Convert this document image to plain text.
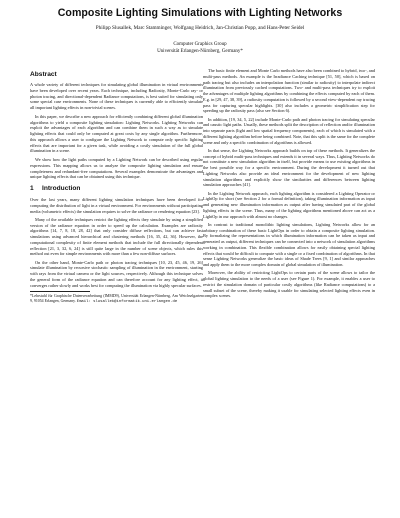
Composite Lighting Simulations with Lighting Networks
Philipp Slusallek, Marc Stamminger, Wolfgang Heidrich, Jan-Christian Popp, and Hans-Peter Seidel
Computer Graphics Group
Universität Erlangen-Nürnberg, Germany*
Abstract

A whole variety of different techniques for simulating global illumination in virtual environments have been developed over recent years. Each technique, including Radiosity, Monte-Carlo ray- or photon tracing, and directional-dependent Radiance computations, is best suited for simulating only some special case environments. None of these techniques is currently able to efficiently simulate all important lighting effects in non-trivial scenes.

In this paper, we describe a new approach for efficiently combining different global illumination algorithms to yield a composite lighting simulation: Lighting Networks. Lighting Networks can exploit the advantages of each algorithm and can combine them in such a way as to simulate lighting effects that could only be computed at great costs by any single algorithm. Furthermore, this approach allows a user to configure the Lighting Network to compute only specific lighting effects that are important for a given task, while avoiding a costly simulation of the full global illumination in a scene.

We show how the light paths computed by a Lighting Network can be described using regular expressions. This mapping allows us to analyze the composite lighting simulation and ensure completeness and redundant-free computations. Several examples demonstrate the advantages and unique lighting effects that can be obtained using this technique.

1 Introduction

Over the last years, many different lighting simulation techniques have been developed for computing the distribution of light in a virtual environment. For environments without participating media (volumetric effects) the simulation requires to solve the radiance or rendering equation [23].

Many of the available techniques restrict the lighting effects they simulate by using a simplified version of the radiance equation in order to speed up the calculation. Examples are radiosity algorithms [14, 7, 8, 18, 28, 42] that only consider diffuse reflections, but can achieve fast simulations using advanced hierarchical and clustering methods [16, 35, 42, 36]. However, the computational complexity of finite element methods that include the full directionally dependent reflection [21, 3, 32, 6, 24] is still quite large in the number of scene objects, which rules this method out even for simple environments with more than a few non-diffuse surfaces.

On the other hand, Monte-Carlo path or photon tracing techniques [10, 23, 45, 46, 19, 26] simulate illumination by recursive stochastic sampling of illumination in the environment, starting with rays from the virtual camera or the light sources, respectively. Although this technique solves the general form of the radiance equation and can therefore account for any lighting effect, it converges rather slowly and works best for computing the illumination via highly specular surfaces.

*Lehrstuhl für Graphische Datenverarbeitung (IMMD9), Universität Erlangen-Nürnberg, Am Weichselgarten 9, 91054 Erlangen, Germany. Email: slusallek@informatik.uni-erlangen.de

The basic finite element and Monte Carlo methods have also been combined to hybrid, two-, and multi-pass methods. An example is the Irradiance Caching technique [51, 50], which is based on path tracing but also includes an interpolation function (similar to radiosity) to interpolate indirect illumination from previously cached computations. Two- and multi-pass techniques try to exploit the advantages of multiple lighting algorithms by combining the effects computed by each of them. E.g. in [29, 47, 38, 39], a radiosity computation is followed by a second view-dependent ray tracing pass for capturing specular highlights. [30] also includes a geometric simplification step for speeding up the radiosity pass (also see Section 6).

In addition, [19, 34, 5, 22] include Monte-Carlo path and photon tracing for simulating specular and caustic light paths. Usually, these methods split the description of reflection and/or illumination into separate parts (light and low spatial frequency components), each of which is simulated with a different lighting algorithm before being combined. Note, that this split is the same for the complete scene and only a specific combination of algorithms is allowed.

In that sense, the Lighting Networks approach builds on top of these methods. It generalizes the concept of hybrid multi-pass techniques and extends it in several ways. Thus, Lighting Networks do not constitute a new simulation algorithm in itself, but provide means to use existing algorithms in the best possible way for a specific environment. During the development it turned out that Lighting Networks also provide an ideal environment for the development of new lighting simulation algorithms and explicitly show the similarities and differences between lighting simulation approaches [41].

In the Lighting Network approach, each lighting algorithm is considered a Lighting Operator or LightOp for short (see Section 2 for a formal definition), taking illumination information as input and generating new illumination information as output after having simulated part of the global lighting effects in the scene. Thus, many of the lighting algorithms mentioned above can act as a LightOp in our approach with almost no changes.

In contrast to traditional monolithic lighting simulations, Lighting Networks allow for an arbitrary combination of these basic LightOps in order to obtain a composite lighting simulation. By formalizing the representations in which illumination information can be taken as input and generated as output, different techniques can be connected into a network of simulation algorithms working in combination. This flexible combination allows for easily obtaining special lighting effects that would be difficult to compute with a single or a fixed combination of algorithms. In that sense Lighting Networks generalize the basic ideas of Shade Trees [9, 1] and similar approaches and apply them to the more complex domain of global simulation of illumination.

Moreover, the ability of restricting LightOps to certain parts of the scene allows to tailor the global lighting simulation to the needs of a user (see Figure 1). For example, it enables a user to restrict the simulation domain of particular costly algorithms (like Radiance computations) to a small subset of the scene, thereby making it usable for simulating selected lighting effects even in complex scenes.
